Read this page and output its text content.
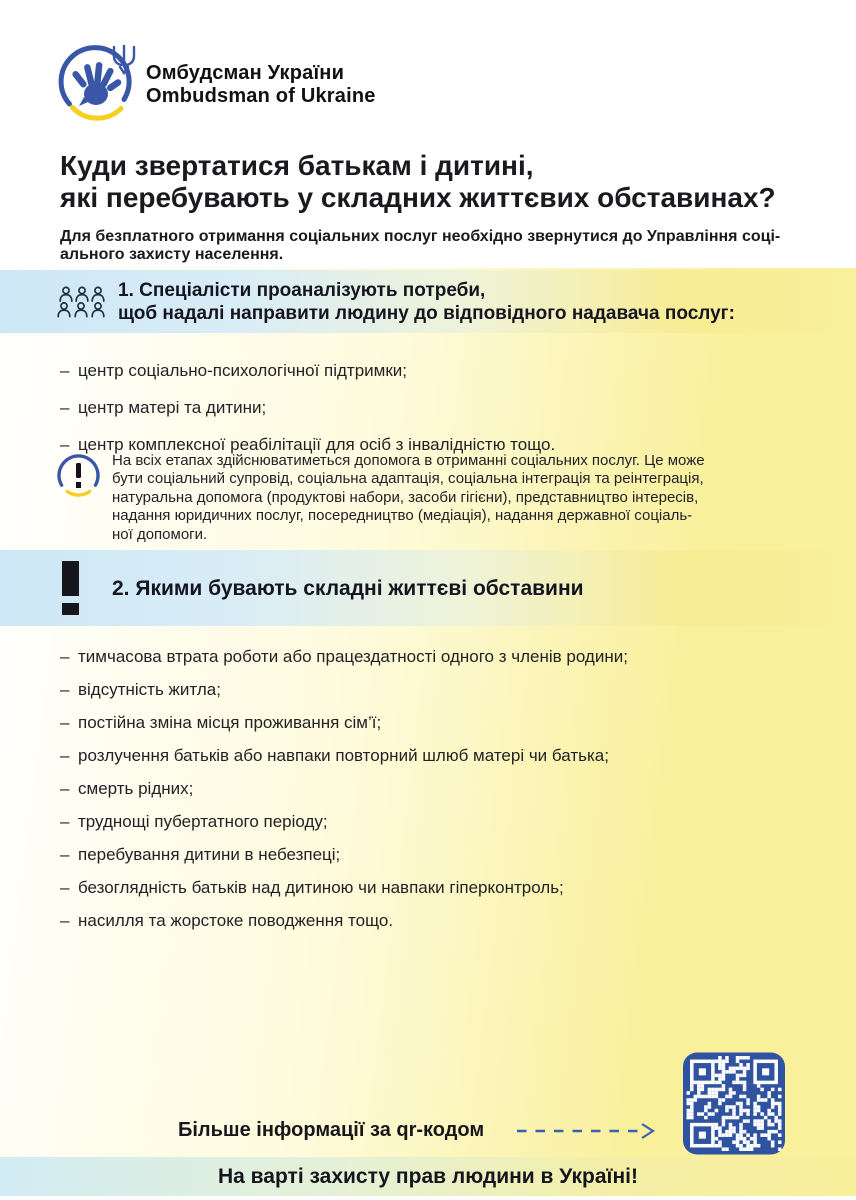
Омбудсман України
Ombudsman of Ukraine
Куди звертатися батькам і дитині,
які перебувають у складних життєвих обставинах?
Для безплатного отримання соціальних послуг необхідно звернутися до Управління соці-
ального захисту населення.
1. Спеціалісти проаналізують потреби,
щоб надалі направити людину до відповідного надавача послуг:
– центр соціально-психологічної підтримки;
– центр матері та дитини;
– центр комплексної реабілітації для осіб з інвалідністю тощо.
На всіх етапах здійснюватиметься допомога в отриманні соціальних послуг. Це може
бути соціальний супровід, соціальна адаптація, соціальна інтеграція та реінтеграція,
натуральна допомога (продуктові набори, засоби гігієни), представництво інтересів,
надання юридичних послуг, посередництво (медіація), надання державної соціаль-
ної допомоги.
2. Якими бувають складні життєві обставини
– тимчасова втрата роботи або працездатності одного з членів родини;
– відсутність житла;
– постійна зміна місця проживання сім’ї;
– розлучення батьків або навпаки повторний шлюб матері чи батька;
– смерть рідних;
– труднощі пубертатного періоду;
– перебування дитини в небезпеці;
– безоглядність батьків над дитиною чи навпаки гіперконтроль;
– насилля та жорстоке поводження тощо.
Більше інформації за qr-кодом
На варті захисту прав людини в Україні!
